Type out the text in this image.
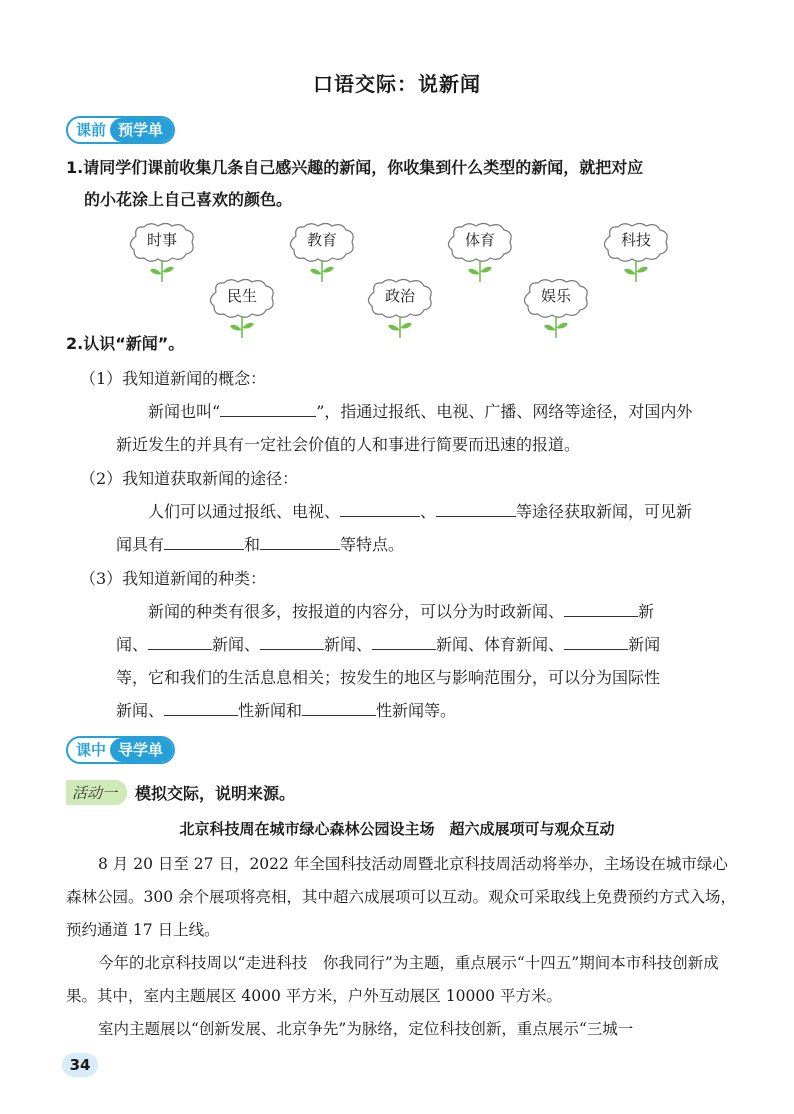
口语交际：说新闻
课前 预学单
1.请同学们课前收集几条自己感兴趣的新闻，你收集到什么类型的新闻，就把对应
的小花涂上自己喜欢的颜色。
时事	教育	体育	科技
民生	政治	娱乐
2.认识“新闻”。
（1）我知道新闻的概念：
新闻也叫“	”，指通过报纸、电视、广播、网络等途径，对国内外
新近发生的并具有一定社会价值的人和事进行简要而迅速的报道。
（2）我知道获取新闻的途径：
人们可以通过报纸、电视、	、	等途径获取新闻，可见新
闻具有	和	等特点。
（3）我知道新闻的种类：
新闻的种类有很多，按报道的内容分，可以分为时政新闻、	新
闻、	新闻、	新闻、	新闻、体育新闻、	新闻
等，它和我们的生活息息相关；按发生的地区与影响范围分，可以分为国际性
新闻、	性新闻和	性新闻等。
课中 导学单
活动一	模拟交际，说明来源。
北京科技周在城市绿心森林公园设主场　超六成展项可与观众互动
8 月 20 日至 27 日，2022 年全国科技活动周暨北京科技周活动将举办，主场设在城市绿心森林公园。300 余个展项将亮相，其中超六成展项可以互动。观众可采取线上免费预约方式入场，预约通道 17 日上线。
今年的北京科技周以“走进科技　你我同行”为主题，重点展示“十四五”期间本市科技创新成果。其中，室内主题展区 4000 平方米，户外互动展区 10000 平方米。
室内主题展以“创新发展、北京争先”为脉络，定位科技创新，重点展示“三城一
34
